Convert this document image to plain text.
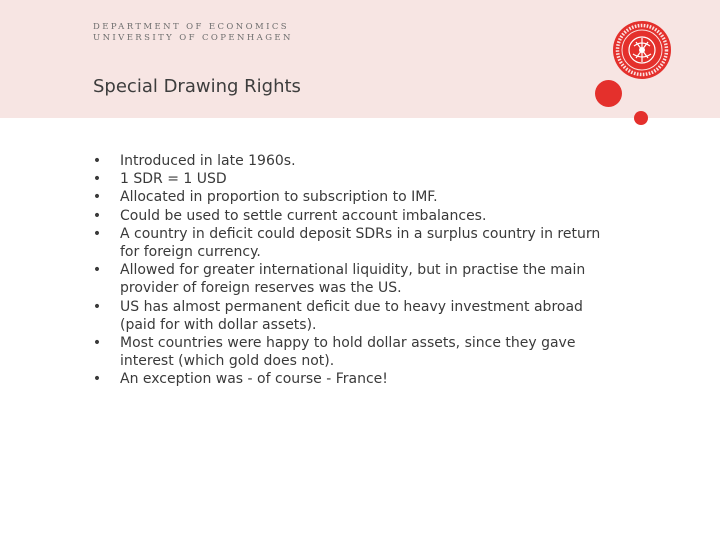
DEPARTMENT OF ECONOMICS
UNIVERSITY OF COPENHAGEN
Special Drawing Rights
• Introduced in late 1960s.
• 1 SDR = 1 USD
• Allocated in proportion to subscription to IMF.
• Could be used to settle current account imbalances.
• A country in deficit could deposit SDRs in a surplus country in return for foreign currency.
• Allowed for greater international liquidity, but in practise the main provider of foreign reserves was the US.
• US has almost permanent deficit due to heavy investment abroad (paid for with dollar assets).
• Most countries were happy to hold dollar assets, since they gave interest (which gold does not).
• An exception was - of course - France!
